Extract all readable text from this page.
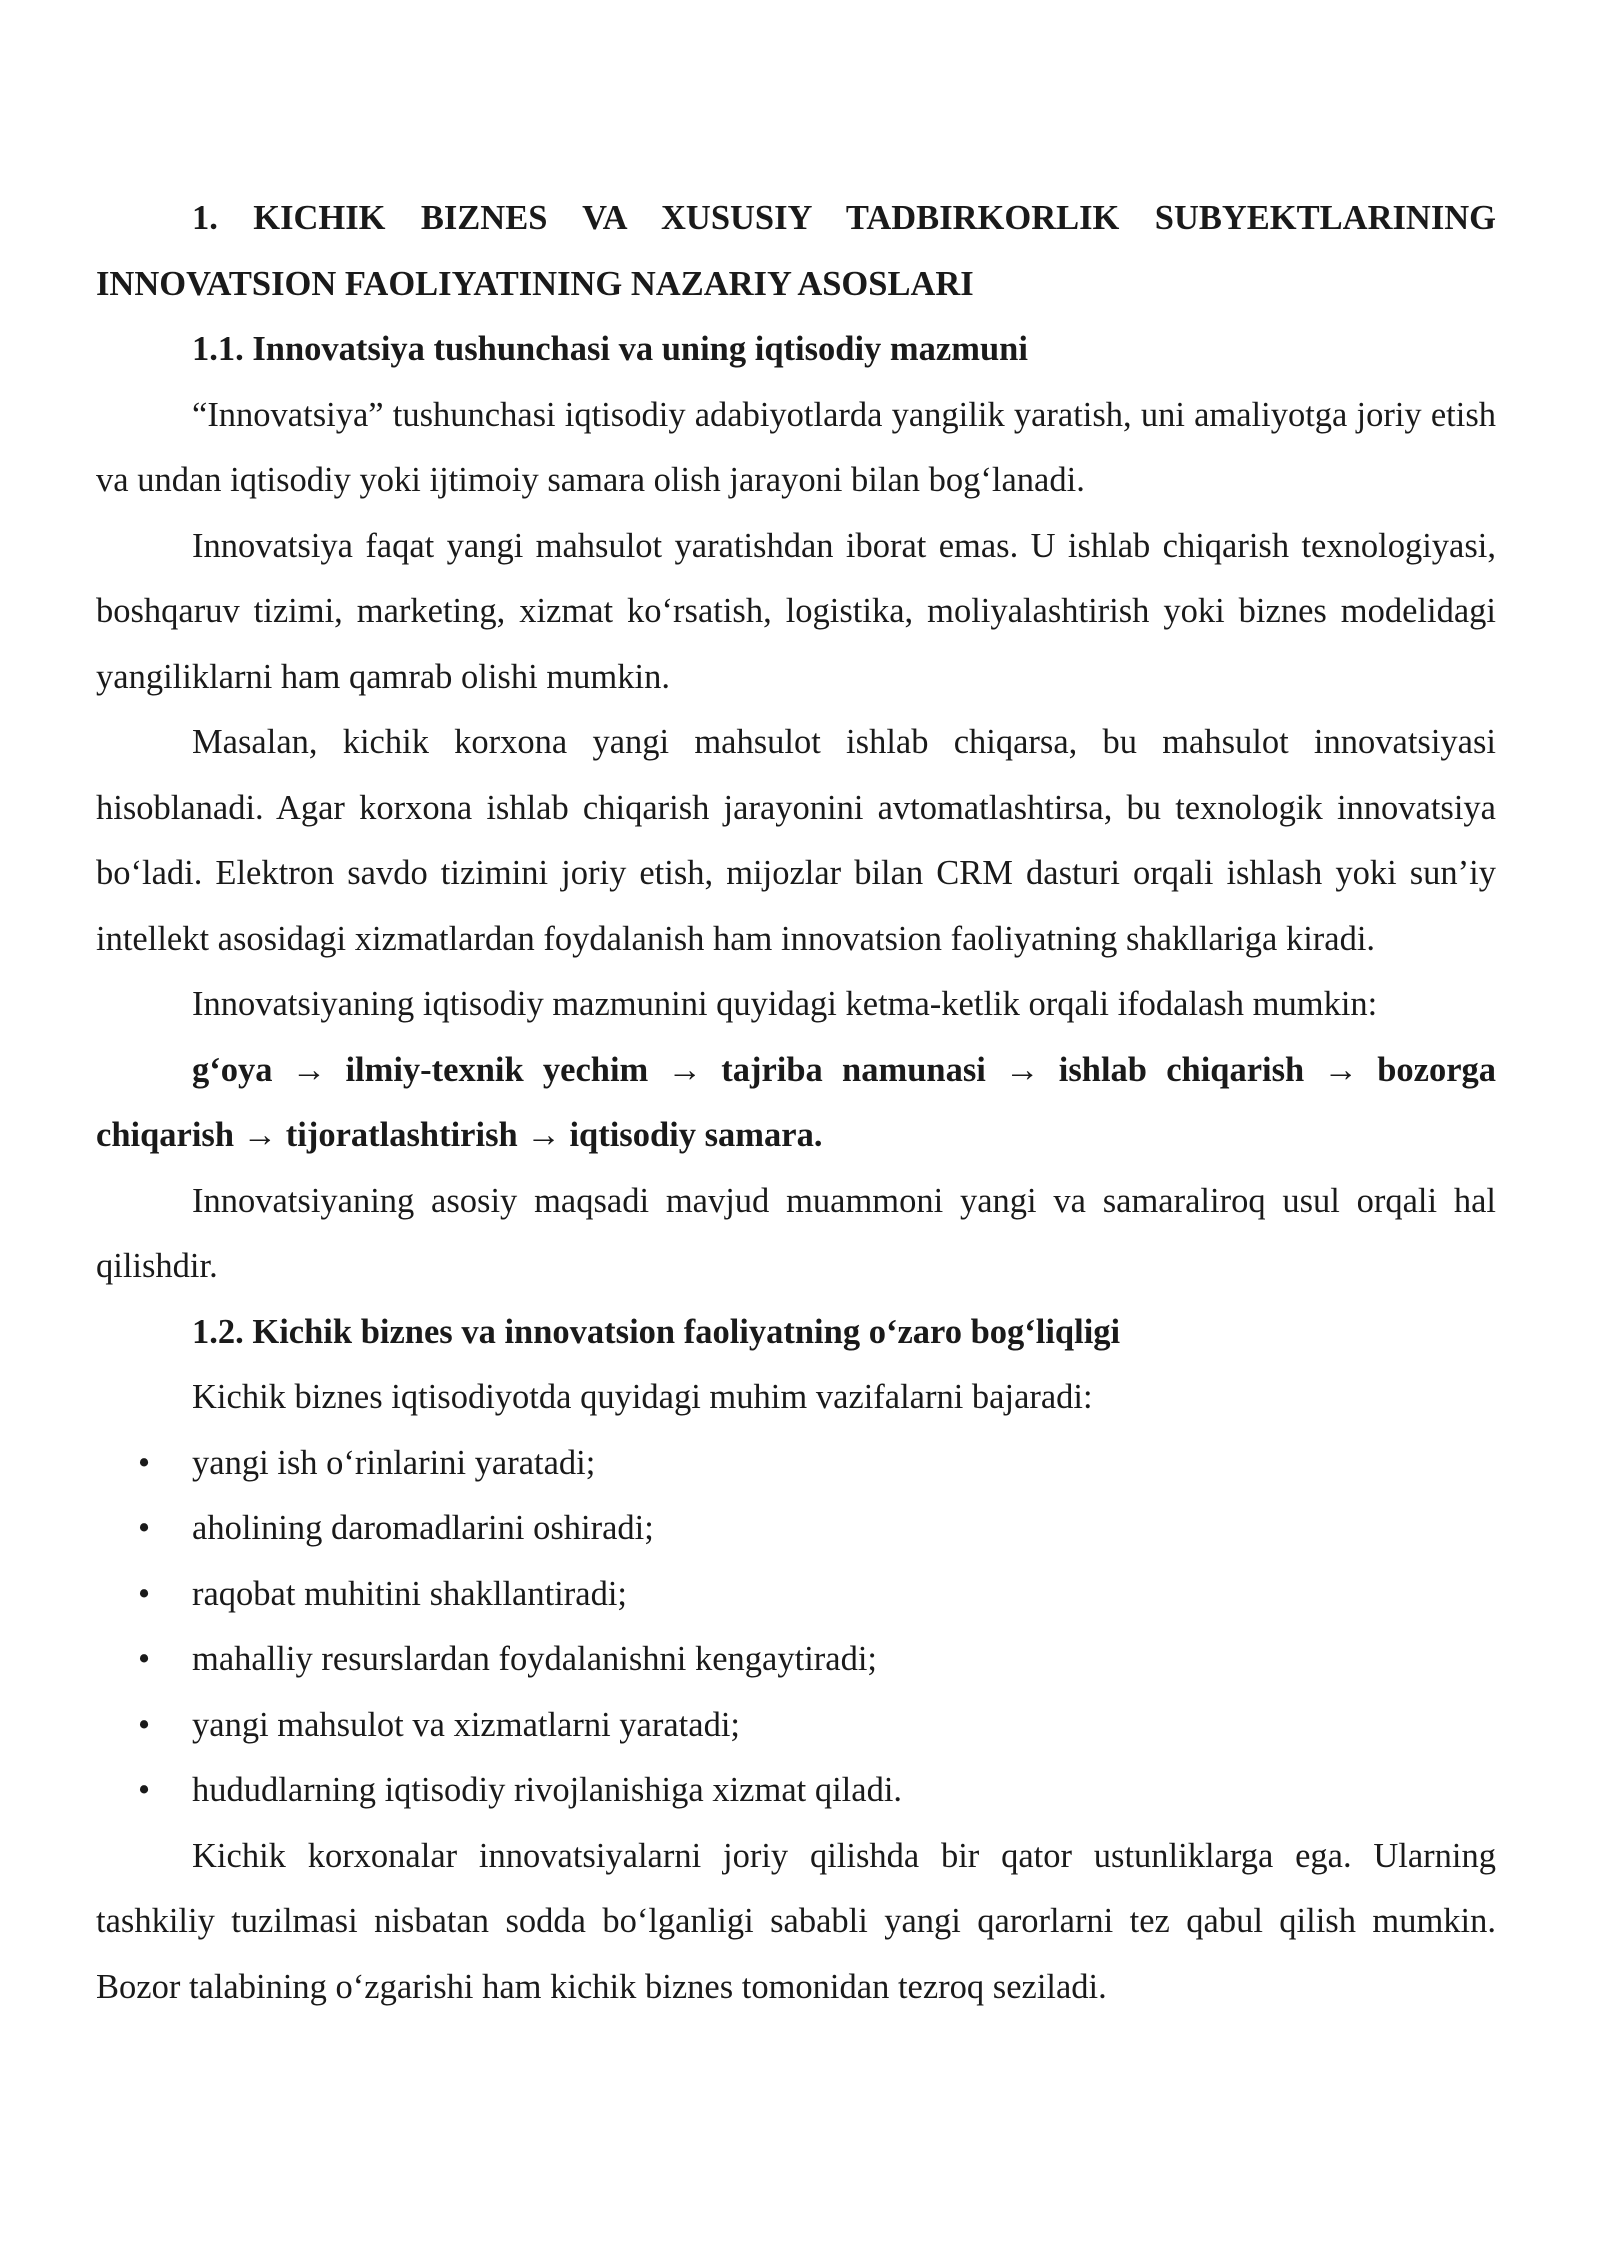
1. KICHIK BIZNES VA XUSUSIY TADBIRKORLIK SUBYEKTLARINING INNOVATSION FAOLIYATINING NAZARIY ASOSLARI

1.1. Innovatsiya tushunchasi va uning iqtisodiy mazmuni

“Innovatsiya” tushunchasi iqtisodiy adabiyotlarda yangilik yaratish, uni amaliyotga joriy etish va undan iqtisodiy yoki ijtimoiy samara olish jarayoni bilan bog‘lanadi.

Innovatsiya faqat yangi mahsulot yaratishdan iborat emas. U ishlab chiqarish texnologiyasi, boshqaruv tizimi, marketing, xizmat ko‘rsatish, logistika, moliyalashtirish yoki biznes modelidagi yangiliklarni ham qamrab olishi mumkin.

Masalan, kichik korxona yangi mahsulot ishlab chiqarsa, bu mahsulot innovatsiyasi hisoblanadi. Agar korxona ishlab chiqarish jarayonini avtomatlashtirsa, bu texnologik innovatsiya bo‘ladi. Elektron savdo tizimini joriy etish, mijozlar bilan CRM dasturi orqali ishlash yoki sun’iy intellekt asosidagi xizmatlardan foydalanish ham innovatsion faoliyatning shakllariga kiradi.

Innovatsiyaning iqtisodiy mazmunini quyidagi ketma-ketlik orqali ifodalash mumkin:

g‘oya → ilmiy-texnik yechim → tajriba namunasi → ishlab chiqarish → bozorga chiqarish → tijoratlashtirish → iqtisodiy samara.

Innovatsiyaning asosiy maqsadi mavjud muammoni yangi va samaraliroq usul orqali hal qilishdir.

1.2. Kichik biznes va innovatsion faoliyatning o‘zaro bog‘liqligi

Kichik biznes iqtisodiyotda quyidagi muhim vazifalarni bajaradi:

• yangi ish o‘rinlarini yaratadi;
• aholining daromadlarini oshiradi;
• raqobat muhitini shakllantiradi;
• mahalliy resurslardan foydalanishni kengaytiradi;
• yangi mahsulot va xizmatlarni yaratadi;
• hududlarning iqtisodiy rivojlanishiga xizmat qiladi.

Kichik korxonalar innovatsiyalarni joriy qilishda bir qator ustunliklarga ega. Ularning tashkiliy tuzilmasi nisbatan sodda bo‘lganligi sababli yangi qarorlarni tez qabul qilish mumkin. Bozor talabining o‘zgarishi ham kichik biznes tomonidan tezroq seziladi.
